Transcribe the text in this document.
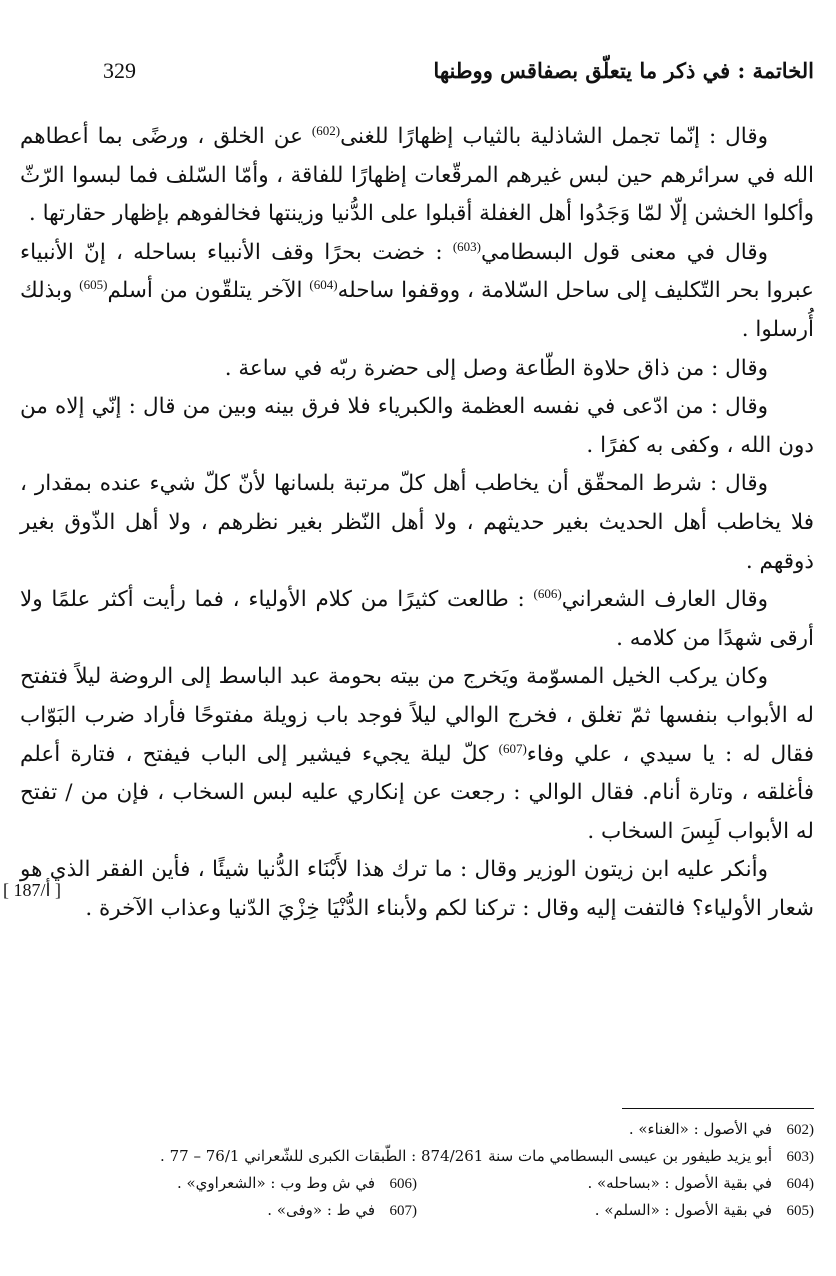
329	الخاتمة : في ذكر ما يتعلّق بصفاقس ووطنها

وقال : إنّما تجمل الشاذلية بالثياب إظهارًا للغنى$^{(602)}$ عن الخلق ، ورضًى بما أعطاهم الله في سرائرهم حين لبس غيرهم المرقّعات إظهارًا للفاقة ، وأمّا السّلف فما لبسوا الرّثّ وأكلوا الخشن إلّا لمّا وَجَدُوا أهل الغفلة أقبلوا على الدُّنيا وزينتها فخالفوهم بإظهار حقارتها .

وقال في معنى قول البسطامي$^{(603)}$ : خضت بحرًا وقف الأنبياء بساحله ، إنّ الأنبياء عبروا بحر التّكليف إلى ساحل السّلامة ، ووقفوا ساحله$^{(604)}$ الآخر يتلقّون من أسلم$^{(605)}$ وبذلك أُرسلوا .

وقال : من ذاق حلاوة الطّاعة وصل إلى حضرة ربّه في ساعة .

وقال : من ادّعى في نفسه العظمة والكبرياء فلا فرق بينه وبين من قال : إنّي إلاه من دون الله ، وكفى به كفرًا .

وقال : شرط المحقّق أن يخاطب أهل كلّ مرتبة بلسانها لأنّ كلّ شيء عنده بمقدار ، فلا يخاطب أهل الحديث بغير حديثهم ، ولا أهل النّظر بغير نظرهم ، ولا أهل الذّوق بغير ذوقهم .

وقال العارف الشعراني$^{(606)}$ : طالعت كثيرًا من كلام الأولياء ، فما رأيت أكثر علمًا ولا أرقى شهدًا من كلامه .

وكان يركب الخيل المسوّمة ويَخرج من بيته بحومة عبد الباسط إلى الروضة ليلاً فتفتح له الأبواب بنفسها ثمّ تغلق ، فخرج الوالي ليلاً فوجد باب زويلة مفتوحًا فأراد ضرب البَوّاب فقال له : يا سيدي ، علي وفاء$^{(607)}$ كلّ ليلة يجيء فيشير إلى الباب فيفتح ، فتارة أعلم فأغلقه ، وتارة أنام. فقال الوالي : رجعت عن إنكاري عليه لبس السخاب ، فإن من / تفتح له الأبواب لَبِسَ السخاب .

وأنكر عليه ابن زيتون الوزير وقال : ما ترك هذا لأَبْنَاء الدُّنيا شيئًا ، فأين الفقر الذي هو شعار الأولياء؟ فالتفت إليه وقال : تركنا لكم ولأبناء الدُّنْيَا خِزْيَ الدّنيا وعذاب الآخرة .

[ أ/187 ]
(602
في الأصول : «الغناء» .
(603
أبو يزيد طيفور بن عيسى البسطامي مات سنة 874/261 : الطّبقات الكبرى للشّعراني 76/1 – 77 .
(604
في بقية الأصول : «بساحله» .
(606
في ش وط وب : «الشعراوي» .
(605
في بقية الأصول : «السلم» .
(607
في ط : «وفى» .
